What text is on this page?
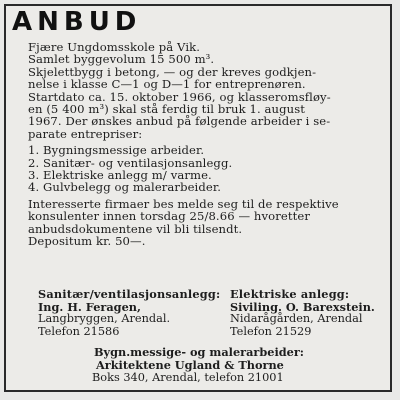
ANBUD
Fjære Ungdomsskole på Vik.
Samlet byggevolum 15 500 m³.
Skjelettbygg i betong, — og der kreves godkjen-
nelse i klasse C—1 og D—1 for entreprenøren.
Startdato ca. 15. oktober 1966, og klasseromsfløy-
en (5 400 m³) skal stå ferdig til bruk 1. august
1967. Der ønskes anbud på følgende arbeider i se-
parate entrepriser:
1. Bygningsmessige arbeider.
2. Sanitær- og ventilasjonsanlegg.
3. Elektriske anlegg m/ varme.
4. Gulvbelegg og malerarbeider.
Interesserte firmaer bes melde seg til de respektive
konsulenter innen torsdag 25/8.66 — hvoretter
anbudsdokumentene vil bli tilsendt.
Depositum kr. 50—.
Sanitær/ventilasjonsanlegg:
Ing. H. Feragen,
Langbryggen, Arendal.
Telefon 21586
Elektriske anlegg:
Siviling. O. Barexstein.
Nidarågården, Arendal
Telefon 21529
Bygn.messige- og malerarbeider:
Arkitektene Ugland & Thorne
Boks 340, Arendal, telefon 21001
